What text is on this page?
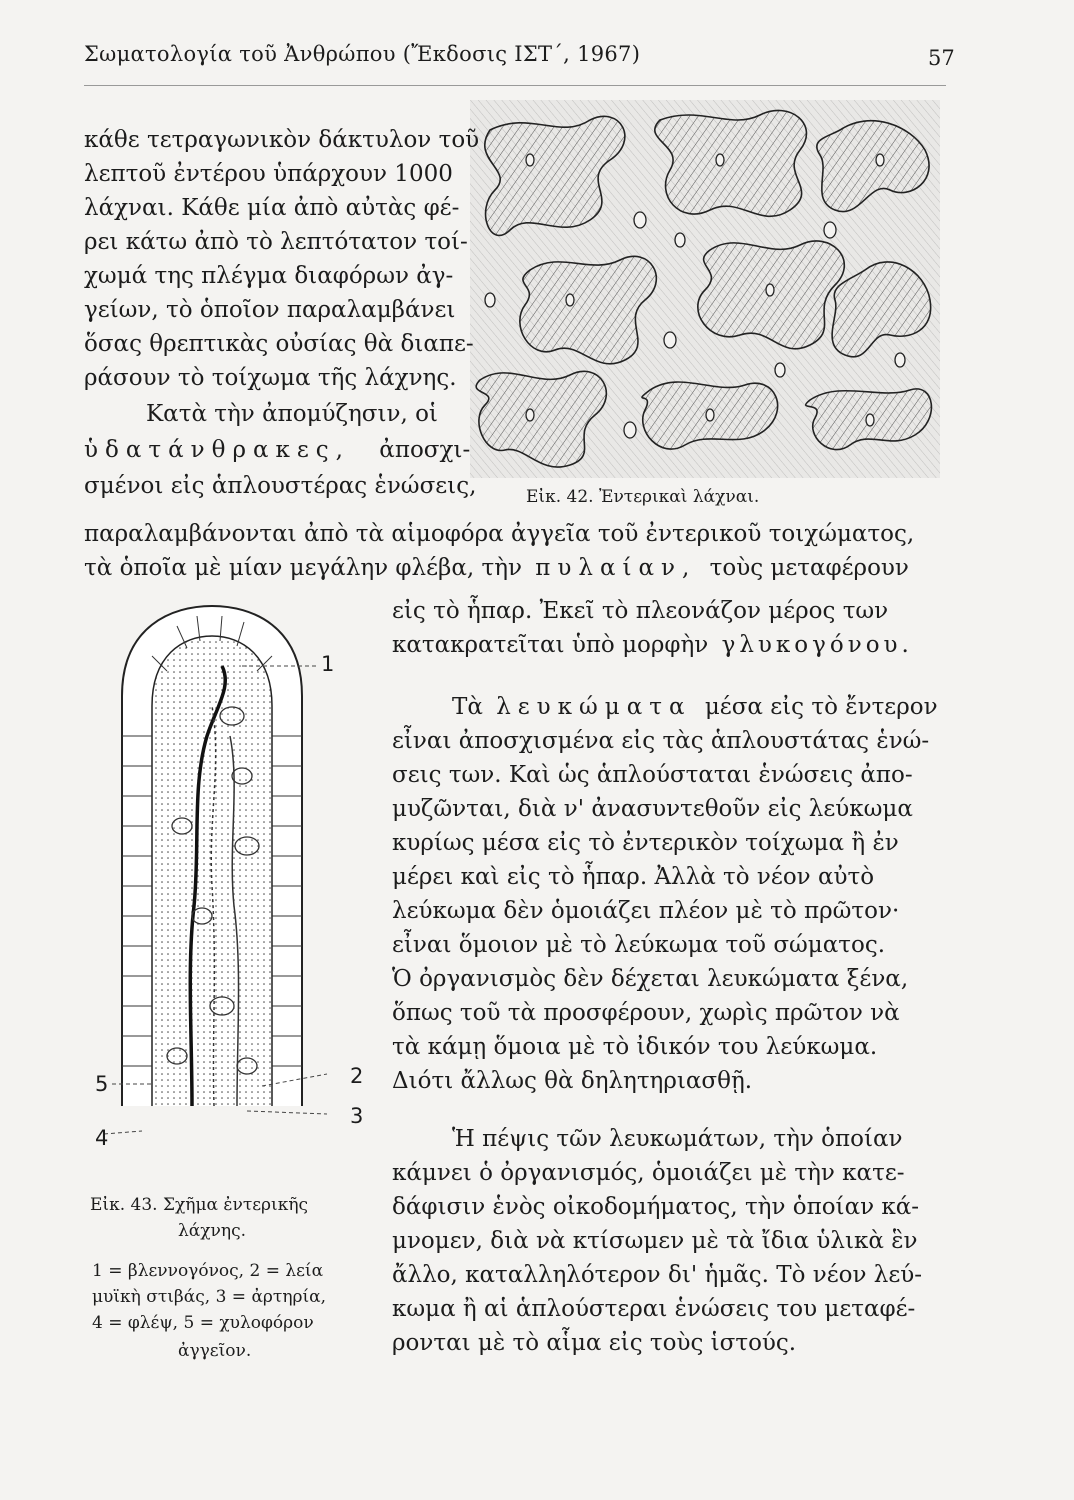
Σωματολογία τοῦ Ἀνθρώπου (Ἔκδοσις ΙΣΤ΄, 1967)	57
Εἰκ. 42. Ἐντερικαὶ λάχναι.
1
2
3
4
5
Εἰκ. 43. Σχῆμα ἐντερικῆς
λάχνης.
1 = βλεννογόνος, 2 = λεία
μυϊκὴ στιβάς, 3 = ἀρτηρία,
4 = φλέψ, 5 = χυλοφόρον
ἀγγεῖον.
κάθε τετραγωνικὸν δάκτυλον τοῦ
λεπτοῦ ἐντέρου ὑπάρχουν 1000
λάχναι. Κάθε μία ἀπὸ αὐτὰς φέ-
ρει κάτω ἀπὸ τὸ λεπτότατον τοί-
χωμά της πλέγμα διαφόρων ἀγ-
γείων, τὸ ὁποῖον παραλαμβάνει
ὅσας θρεπτικὰς οὐσίας θὰ διαπε-
ράσουν τὸ τοίχωμα τῆς λάχνης.
Κατὰ τὴν ἀπομύζησιν, οἱ
ὑδατάνθρακες, ἀποσχι-
σμένοι εἰς ἁπλουστέρας ἑνώσεις,
παραλαμβάνονται ἀπὸ τὰ αἱμοφόρα ἀγγεῖα τοῦ ἐντερικοῦ τοιχώματος,
τὰ ὁποῖα μὲ μίαν μεγάλην φλέβα, τὴν πυλαίαν, τοὺς μεταφέρουν
εἰς τὸ ἧπαρ. Ἐκεῖ τὸ πλεονάζον μέρος των
κατακρατεῖται ὑπὸ μορφὴν γλυκογόνου.
Τὰ λευκώματα μέσα εἰς τὸ ἔντερον
εἶναι ἀποσχισμένα εἰς τὰς ἁπλουστάτας ἑνώ-
σεις των. Καὶ ὡς ἁπλούσταται ἑνώσεις ἀπο-
μυζῶνται, διὰ ν' ἀνασυντεθοῦν εἰς λεύκωμα
κυρίως μέσα εἰς τὸ ἐντερικὸν τοίχωμα ἢ ἐν
μέρει καὶ εἰς τὸ ἧπαρ. Ἀλλὰ τὸ νέον αὐτὸ
λεύκωμα δὲν ὁμοιάζει πλέον μὲ τὸ πρῶτον·
εἶναι ὅμοιον μὲ τὸ λεύκωμα τοῦ σώματος.
Ὁ ὀργανισμὸς δὲν δέχεται λευκώματα ξένα,
ὅπως τοῦ τὰ προσφέρουν, χωρὶς πρῶτον νὰ
τὰ κάμῃ ὅμοια μὲ τὸ ἰδικόν του λεύκωμα.
Διότι ἄλλως θὰ δηλητηριασθῇ.
Ἡ πέψις τῶν λευκωμάτων, τὴν ὁποίαν
κάμνει ὁ ὀργανισμός, ὁμοιάζει μὲ τὴν κατε-
δάφισιν ἑνὸς οἰκοδομήματος, τὴν ὁποίαν κά-
μνομεν, διὰ νὰ κτίσωμεν μὲ τὰ ἴδια ὑλικὰ ἓν
ἄλλο, καταλληλότερον δι' ἡμᾶς. Τὸ νέον λεύ-
κωμα ἢ αἱ ἁπλούστεραι ἑνώσεις του μεταφέ-
ρονται μὲ τὸ αἷμα εἰς τοὺς ἱστούς.
